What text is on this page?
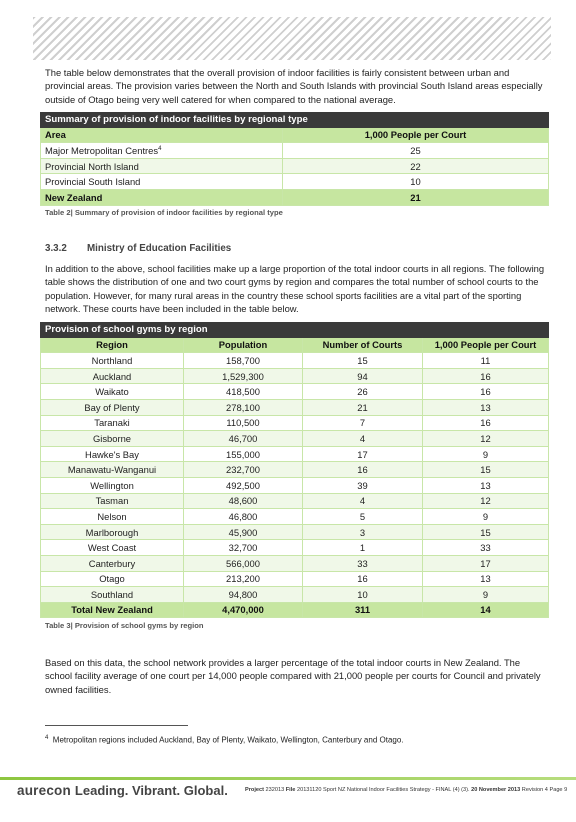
The table below demonstrates that the overall provision of indoor facilities is fairly consistent between urban and provincial areas. The provision varies between the North and South Islands with provincial South Island areas especially outside of Otago being very well catered for when compared to the national average.

Summary of provision of indoor facilities by regional type	
Area	1,000 People per Court
Major Metropolitan Centres$^4$	25
Provincial North Island	22
Provincial South Island	10
New Zealand	21
Table 2| Summary of provision of indoor facilities by regional type
3.3.2 Ministry of Education Facilities

In addition to the above, school facilities make up a large proportion of the total indoor courts in all regions. The following table shows the distribution of one and two court gyms by region and compares the total number of school courts to the population. However, for many rural areas in the country these school sports facilities are a vital part of the sporting network. These courts have been included in the table below.

Provision of school gyms by region			
Region	Population	Number of Courts	1,000 People per Court
Northland	158,700	15	11
Auckland	1,529,300	94	16
Waikato	418,500	26	16
Bay of Plenty	278,100	21	13
Taranaki	110,500	7	16
Gisborne	46,700	4	12
Hawke's Bay	155,000	17	9
Manawatu-Wanganui	232,700	16	15
Wellington	492,500	39	13
Tasman	48,600	4	12
Nelson	46,800	5	9
Marlborough	45,900	3	15
West Coast	32,700	1	33
Canterbury	566,000	33	17
Otago	213,200	16	13
Southland	94,800	10	9
Total New Zealand	4,470,000	311	14
Table 3| Provision of school gyms by region

Based on this data, the school network provides a larger percentage of the total indoor courts in New Zealand. The school facility average of one court per 14,000 people compared with 21,000 people per courts for Council and privately owned facilities.

$^4$ Metropolitan regions included Auckland, Bay of Plenty, Waikato, Wellington, Canterbury and Otago.
aurecon Leading. Vibrant. Global.	Project 232013 File 20131120 Sport NZ National Indoor Facilities Strategy - FINAL (4) (3). 20 November 2013 Revision 4 Page 9
